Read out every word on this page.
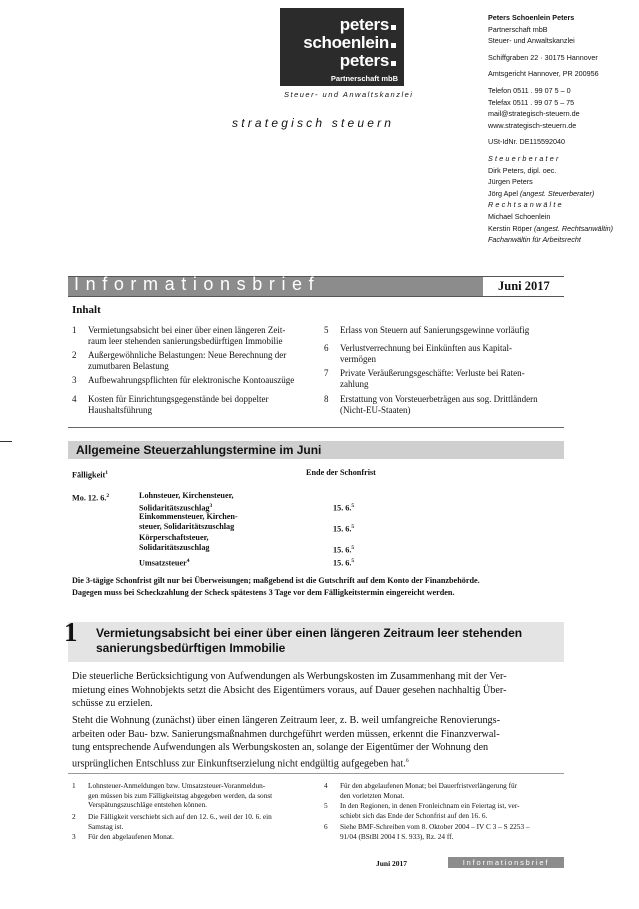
peters
schoenlein
peters
Partnerschaft mbB
Steuer- und Anwaltskanzlei
strategisch steuern
Peters Schoenlein Peters
Partnerschaft mbB
Steuer- und Anwaltskanzlei
Schiffgraben 22 · 30175 Hannover
Amtsgericht Hannover, PR 200956
Telefon 0511 . 99 07 5 – 0
Telefax 0511 . 99 07 5 – 75
mail@strategisch-steuern.de
www.strategisch-steuern.de
USt-IdNr. DE115592040
Steuerberater
Dirk Peters, dipl. oec.
Jürgen Peters
Jörg Apel (angest. Steuerberater)
Rechtsanwälte
Michael Schoenlein
Kerstin Röper (angest. Rechtsanwältin)
Fachanwältin für Arbeitsrecht
Informationsbrief	Juni 2017
Inhalt
1 Vermietungsabsicht bei einer über einen längeren Zeit-
raum leer stehenden sanierungsbedürftigen Immobilie
2 Außergewöhnliche Belastungen: Neue Berechnung der
zumutbaren Belastung
3 Aufbewahrungspflichten für elektronische Kontoauszüge
4 Kosten für Einrichtungsgegenstände bei doppelter
Haushaltsführung
5 Erlass von Steuern auf Sanierungsgewinne vorläufig
6 Verlustverrechnung bei Einkünften aus Kapital-
vermögen
7 Private Veräußerungsgeschäfte: Verluste bei Raten-
zahlung
8 Erstattung von Vorsteuerbeträgen aus sog. Drittländern
(Nicht-EU-Staaten)
Allgemeine Steuerzahlungstermine im Juni
Fälligkeit$^1$	Ende der Schonfrist
Mo. 12. 6.$^2$	Lohnsteuer, Kirchensteuer,
Solidaritätszuschlag$^3$	15. 6.$^5$
Einkommensteuer, Kirchen-
steuer, Solidaritätszuschlag	15. 6.$^5$
Körperschaftsteuer,
Solidaritätszuschlag	15. 6.$^5$
Umsatzsteuer$^4$	15. 6.$^5$
Die 3-tägige Schonfrist gilt nur bei Überweisungen; maßgebend ist die Gutschrift auf dem Konto der Finanzbehörde.
Dagegen muss bei Scheckzahlung der Scheck spätestens 3 Tage vor dem Fälligkeitstermin eingereicht werden.
1 Vermietungsabsicht bei einer über einen längeren Zeitraum leer stehenden
sanierungsbedürftigen Immobilie
Die steuerliche Berücksichtigung von Aufwendungen als Werbungskosten im Zusammenhang mit der Ver-
mietung eines Wohnobjekts setzt die Absicht des Eigentümers voraus, auf Dauer gesehen nachhaltig Über-
schüsse zu erzielen.
Steht die Wohnung (zunächst) über einen längeren Zeitraum leer, z. B. weil umfangreiche Renovierungs-
arbeiten oder Bau- bzw. Sanierungsmaßnahmen durchgeführt werden müssen, erkennt die Finanzverwal-
tung entsprechende Aufwendungen als Werbungskosten an, solange der Eigentümer der Wohnung den
ursprünglichen Entschluss zur Einkunftserzielung nicht endgültig aufgegeben hat.$^6$
1 Lohnsteuer-Anmeldungen bzw. Umsatzsteuer-Voranmeldun-
gen müssen bis zum Fälligkeitstag abgegeben werden, da sonst
Verspätungszuschläge entstehen können.
2 Die Fälligkeit verschiebt sich auf den 12. 6., weil der 10. 6. ein
Samstag ist.
3 Für den abgelaufenen Monat.
4 Für den abgelaufenen Monat; bei Dauerfristverlängerung für
den vorletzten Monat.
5 In den Regionen, in denen Fronleichnam ein Feiertag ist, ver-
schiebt sich das Ende der Schonfrist auf den 16. 6.
6 Siehe BMF-Schreiben vom 8. Oktober 2004 – IV C 3 – S 2253 –
91/04 (BStBl 2004 I S. 933), Rz. 24 ff.
Juni 2017	Informationsbrief
